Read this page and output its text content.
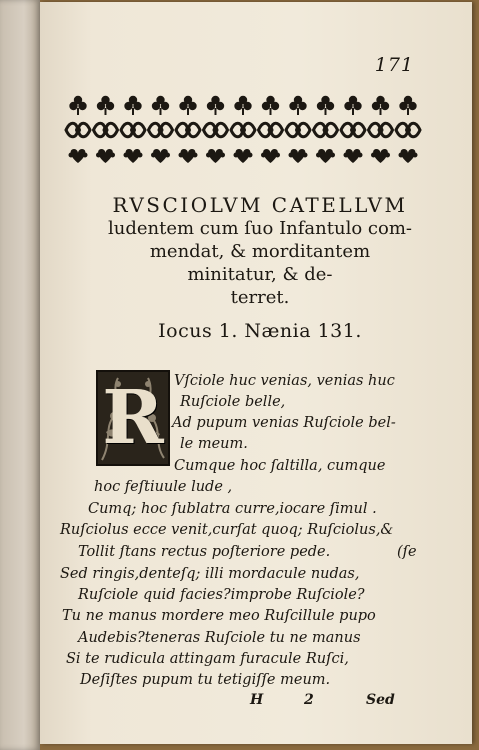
171
RVSCIOLVM CATELLVM
ludentem cum ſuo Infantulo com-
mendat, & morditantem
minitatur, & de-
terret.
Iocus 1. Nænia 131.
R Vſciole huc venias, venias huc
Ruſciole belle,
Ad pupum venias Ruſciole bel-
le meum.
Cumque hoc ſaltilla, cumque
hoc feſtiuule lude ,
Cumq; hoc ſublatra curre,iocare ſimul .
Ruſciolus ecce venit,curſat quoq; Ruſciolus,&
Tollit ſtans rectus poſteriore pede.	(ſe
Sed ringis,denteſq; illi mordacule nudas,
Ruſciole quid facies?improbe Ruſciole?
Tu ne manus mordere meo Ruſcillule pupo
Audebis?teneras Ruſciole tu ne manus
Si te rudicula attingam furacule Ruſci,
Deſiſtes pupum tu tetigiſſe meum.
H	2	Sed
